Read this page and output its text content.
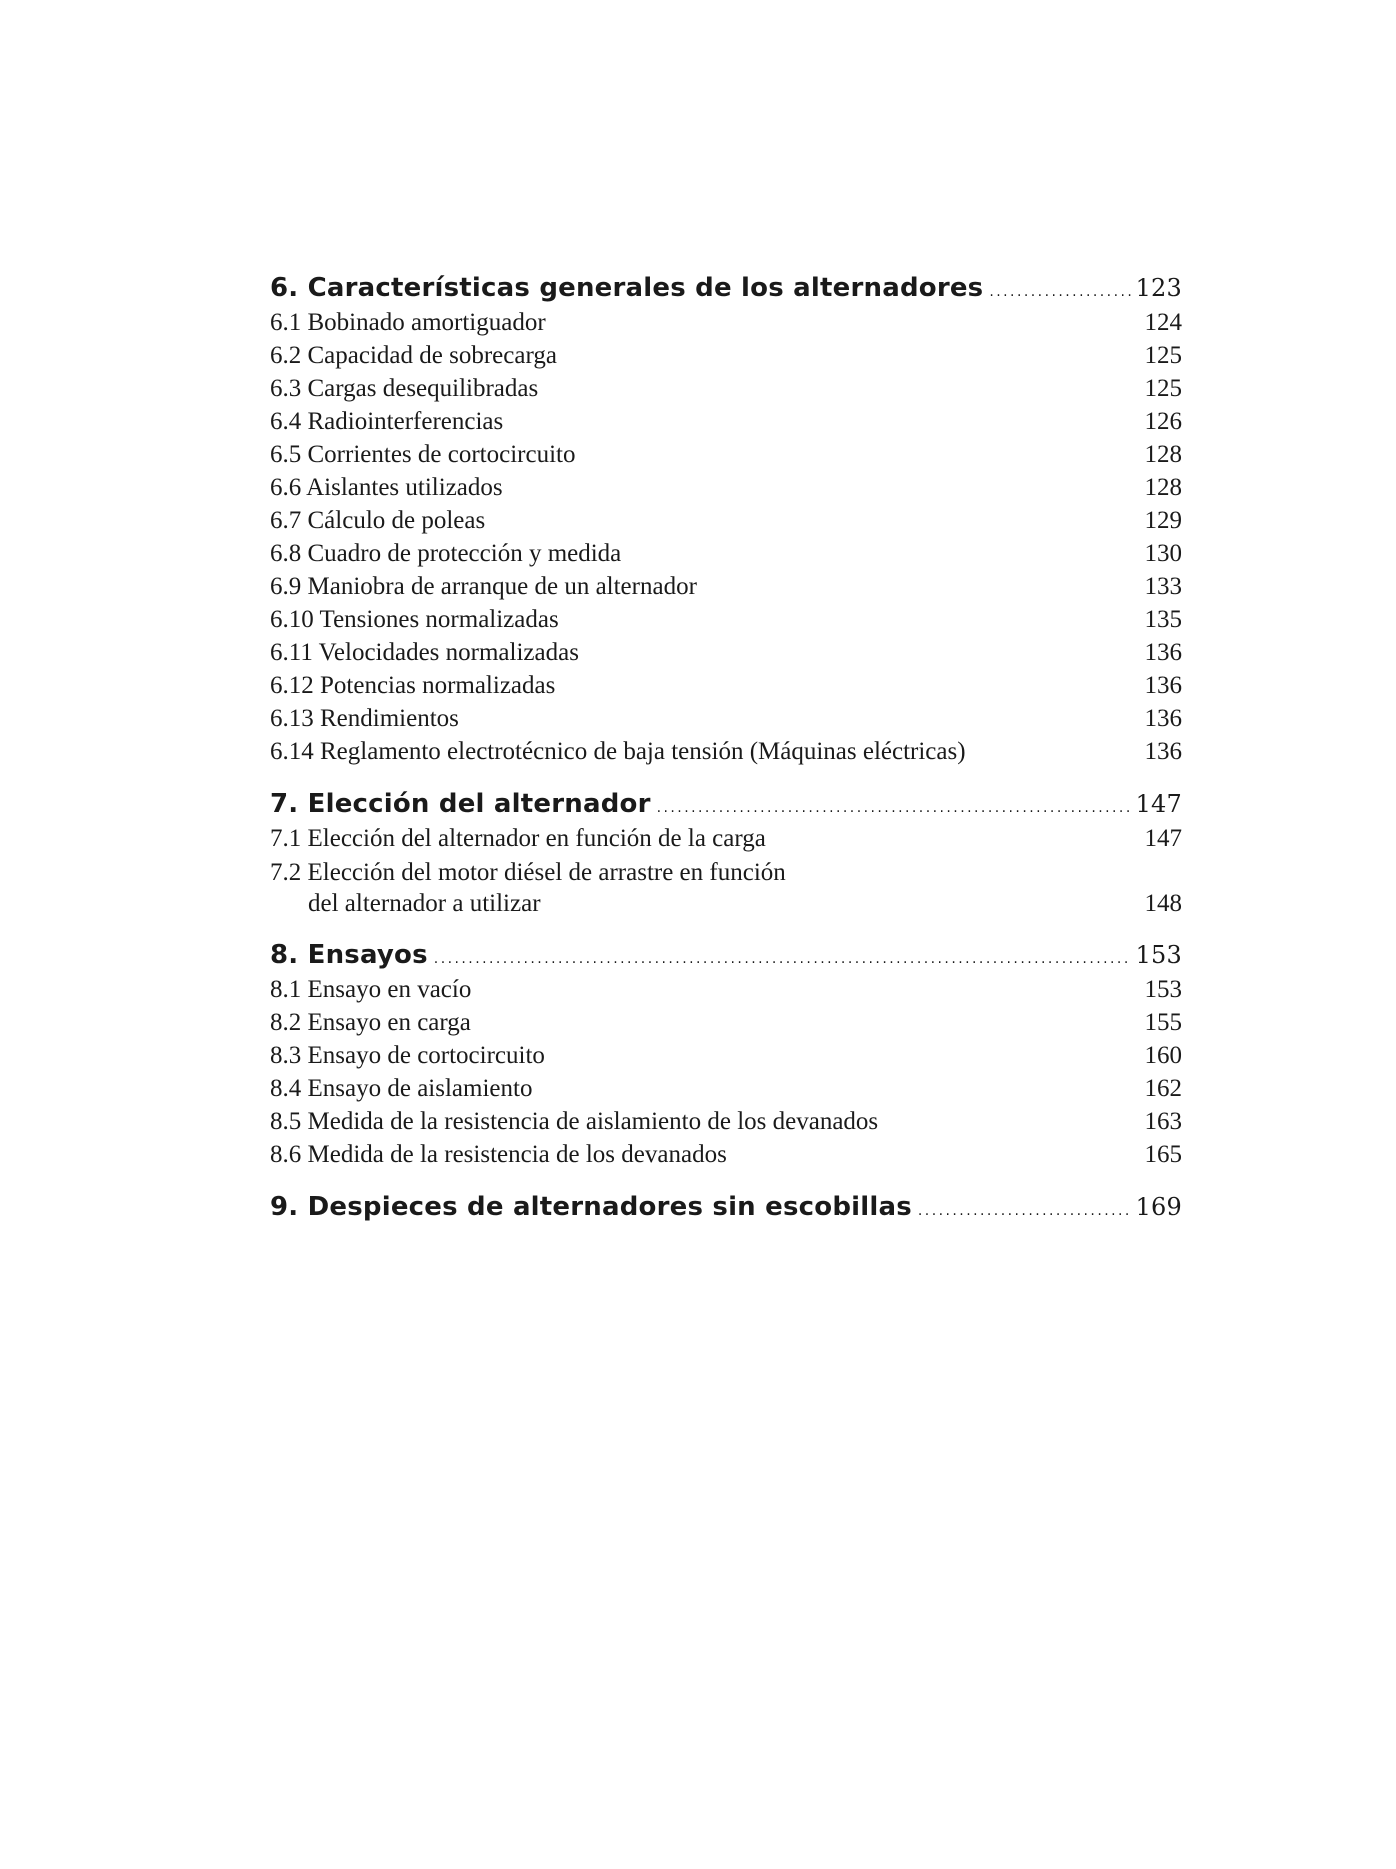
6. Características generales de los alternadores . . .	123
6.1 Bobinado amortiguador	124
6.2 Capacidad de sobrecarga	125
6.3 Cargas desequilibradas	125
6.4 Radiointerferencias	126
6.5 Corrientes de cortocircuito	128
6.6 Aislantes utilizados	128
6.7 Cálculo de poleas	129
6.8 Cuadro de protección y medida	130
6.9 Maniobra de arranque de un alternador	133
6.10 Tensiones normalizadas	135
6.11 Velocidades normalizadas	136
6.12 Potencias normalizadas	136
6.13 Rendimientos	136
6.14 Reglamento electrotécnico de baja tensión (Máquinas eléctricas)	136
7. Elección del alternador . . .	147
7.1 Elección del alternador en función de la carga	147
7.2 Elección del motor diésel de arrastre en función
del alternador a utilizar	148
8. Ensayos . . .	153
8.1 Ensayo en vacío	153
8.2 Ensayo en carga	155
8.3 Ensayo de cortocircuito	160
8.4 Ensayo de aislamiento	162
8.5 Medida de la resistencia de aislamiento de los devanados	163
8.6 Medida de la resistencia de los devanados	165
9. Despieces de alternadores sin escobillas . . .	169
